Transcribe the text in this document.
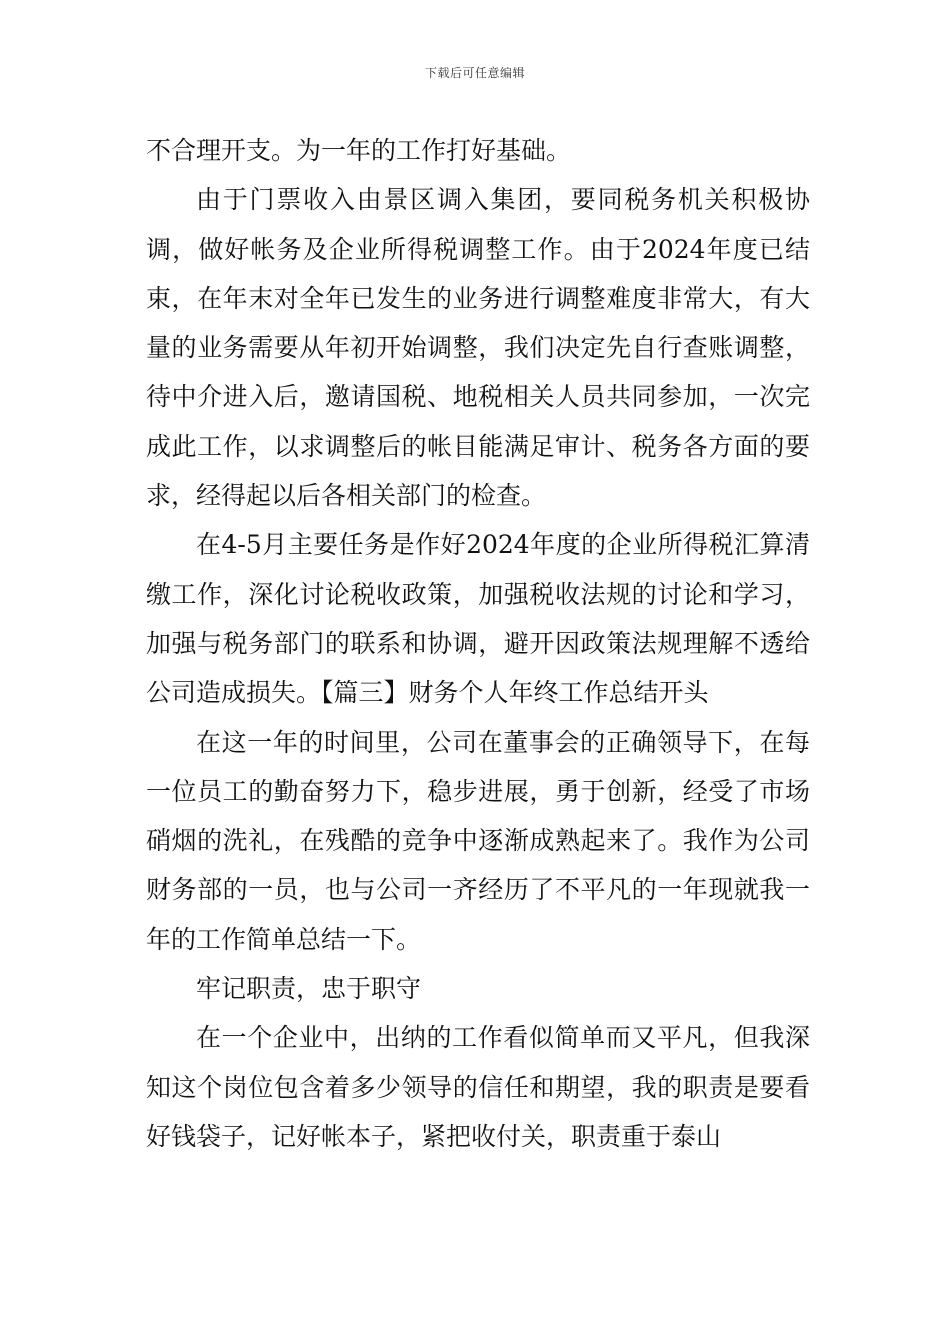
下载后可任意编辑

不合理开支。为一年的工作打好基础。

由于门票收入由景区调入集团，要同税务机关积极协调，做好帐务及企业所得税调整工作。由于2024年度已结束，在年末对全年已发生的业务进行调整难度非常大，有大量的业务需要从年初开始调整，我们决定先自行查账调整，待中介进入后，邀请国税、地税相关人员共同参加，一次完成此工作，以求调整后的帐目能满足审计、税务各方面的要求，经得起以后各相关部门的检查。

在4-5月主要任务是作好2024年度的企业所得税汇算清缴工作，深化讨论税收政策，加强税收法规的讨论和学习，加强与税务部门的联系和协调，避开因政策法规理解不透给公司造成损失。【篇三】财务个人年终工作总结开头

在这一年的时间里，公司在董事会的正确领导下，在每一位员工的勤奋努力下，稳步进展，勇于创新，经受了市场硝烟的洗礼，在残酷的竞争中逐渐成熟起来了。我作为公司财务部的一员，也与公司一齐经历了不平凡的一年现就我一年的工作简单总结一下。

牢记职责，忠于职守

在一个企业中，出纳的工作看似简单而又平凡，但我深知这个岗位包含着多少领导的信任和期望，我的职责是要看好钱袋子，记好帐本子，紧把收付关，职责重于泰山
